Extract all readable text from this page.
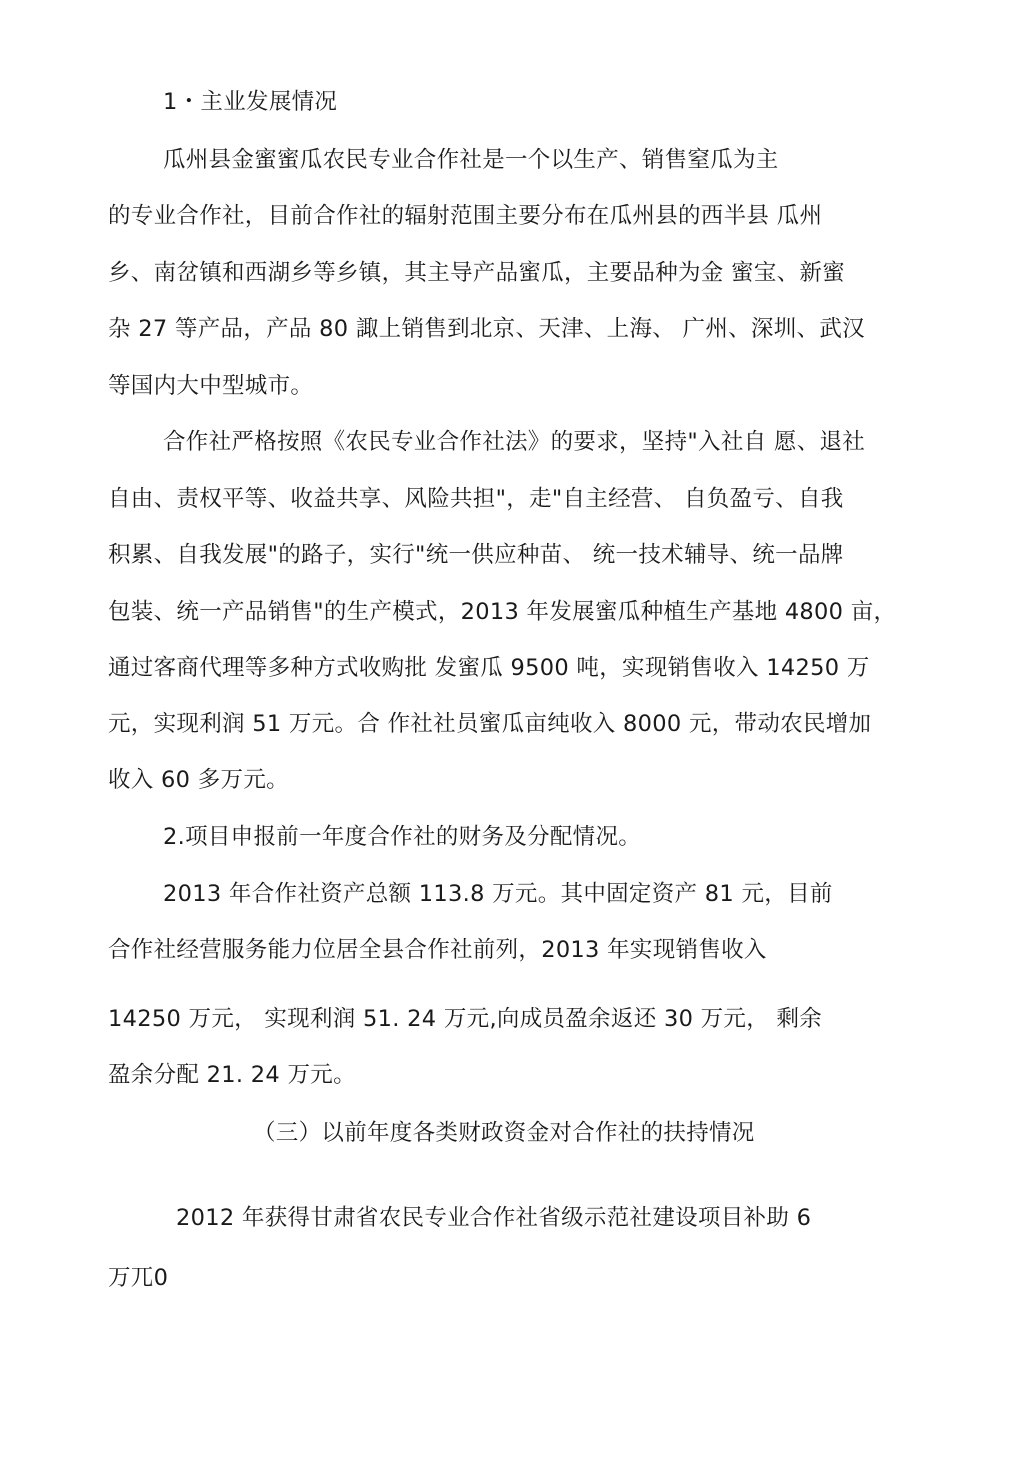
1・主业发展情况
瓜州县金蜜蜜瓜农民专业合作社是一个以生产、销售窒瓜为主
的专业合作社，目前合作社的辐射范围主要分布在瓜州县的西半县 瓜州
乡、南岔镇和西湖乡等乡镇，其主导产品蜜瓜，主要品种为金 蜜宝、新蜜
杂 27 等产品，产品 80 諏上销售到北京、天津、上海、 广州、深圳、武汉
等国内大中型城市。
合作社严格按照《农民专业合作社法》的要求，坚持"入社自 愿、退社
自由、责权平等、收益共享、风险共担"，走"自主经营、 自负盈亏、自我
积累、自我发展"的路子，实行"统一供应种苗、 统一技术辅导、统一品牌
包装、统一产品销售"的生产模式，2013 年发展蜜瓜种植生产基地 4800 亩，
通过客商代理等多种方式收购批 发蜜瓜 9500 吨，实现销售收入 14250 万
元，实现利润 51 万元。合 作社社员蜜瓜亩纯收入 8000 元，带动农民增加
收入 60 多万元。
2.项目申报前一年度合作社的财务及分配情况。
2013 年合作社资产总额 113.8 万元。其中固定资产 81 元，目前
合作社经营服务能力位居全县合作社前列，2013 年实现销售收入
14250 万元， 实现利润 51. 24 万元,向成员盈余返还 30 万元， 剩余
盈余分配 21. 24 万元。
（三）以前年度各类财政资金对合作社的扶持情况
2012 年获得甘肃省农民专业合作社省级示范社建设项目补助 6
万兀0
